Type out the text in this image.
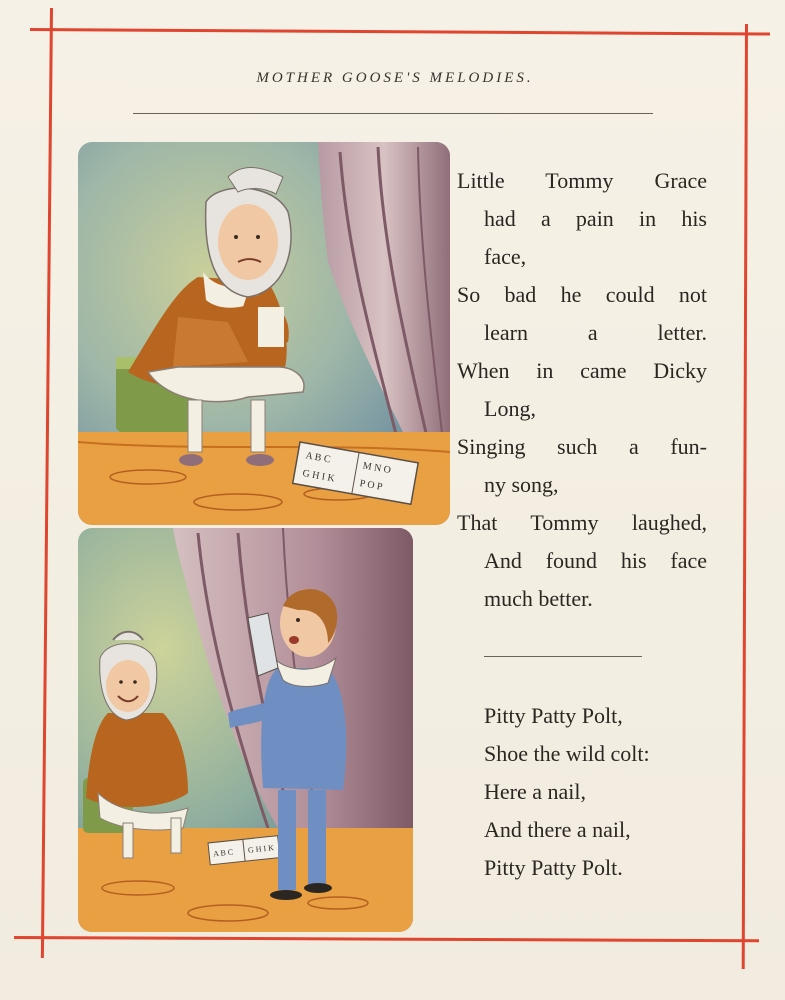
MOTHER GOOSE'S MELODIES.
A B C
G H I K	M N O
P O P
A B C G H I K
Little Tommy Grace
had a pain in his
face,
So bad he could not
learn a letter.
When in came Dicky
Long,
Singing such a fun-
ny song,
That Tommy laughed,
And found his face
much better.
Pitty Patty Polt,
Shoe the wild colt:
Here a nail,
And there a nail,
Pitty Patty Polt.
